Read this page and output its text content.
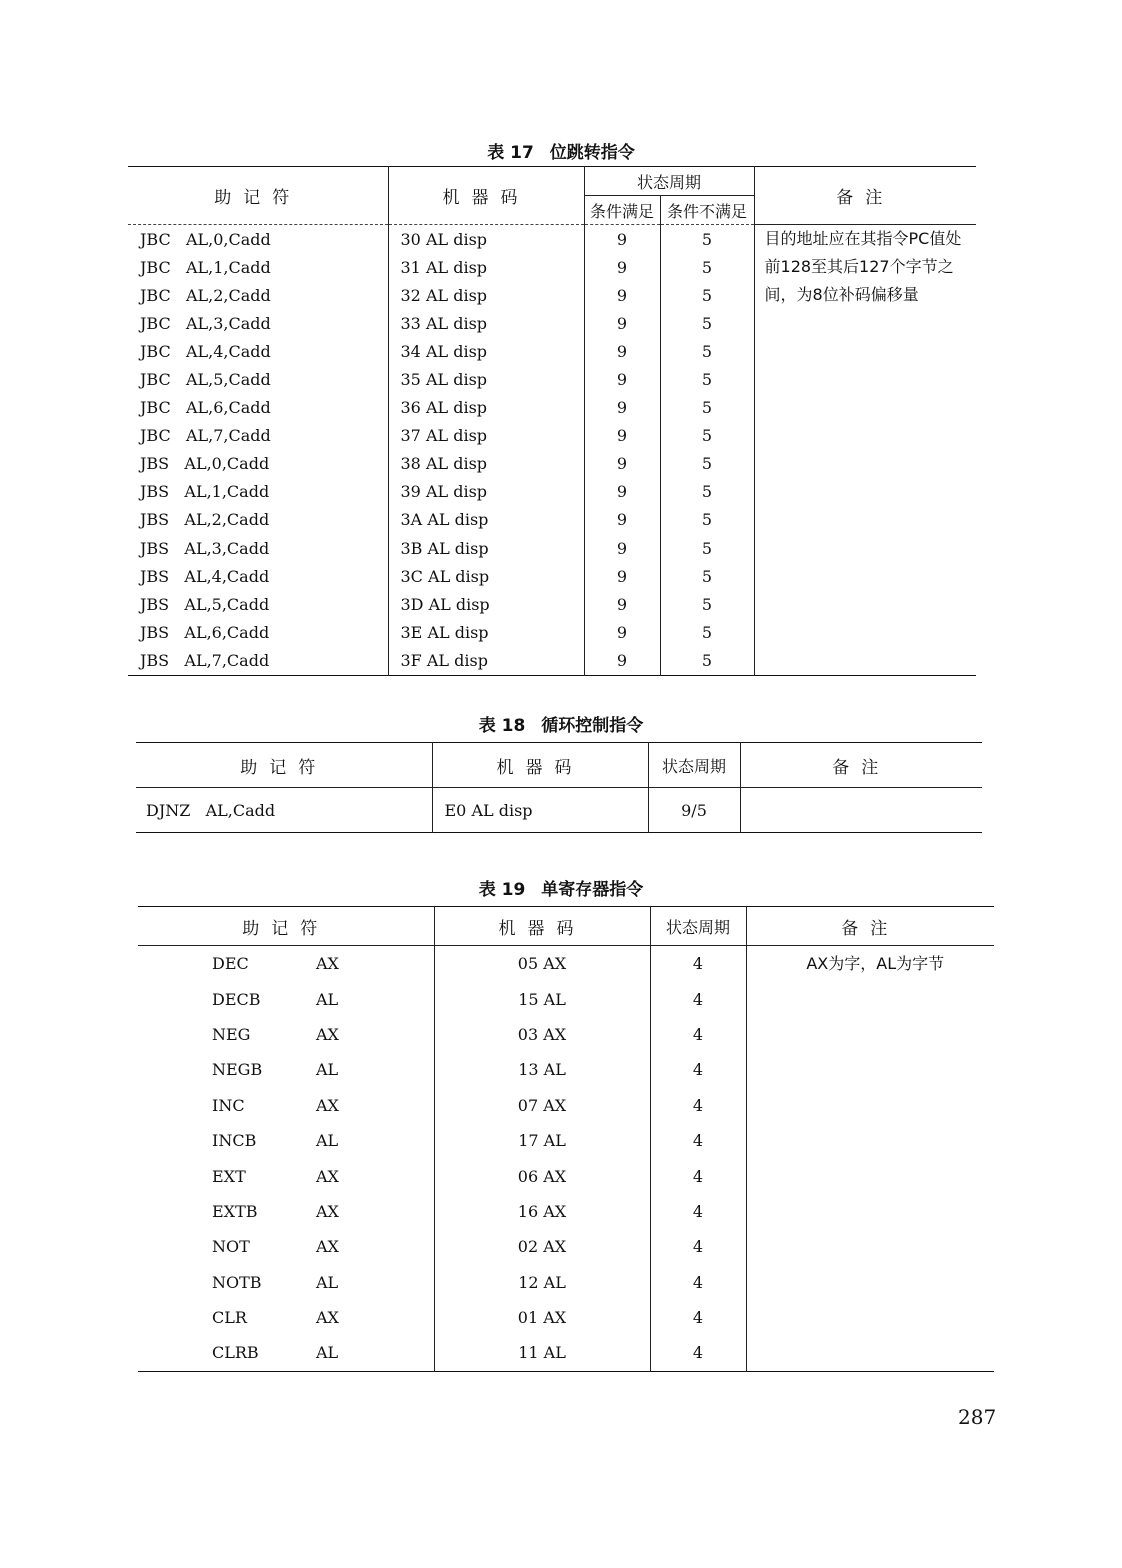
表 17 位跳转指令
助记符	机器码	状态周期		备注
		条件满足	条件不满足	
JBC   AL,0,Cadd	30 AL disp	9	5	目的地址应在其指令PC值处前128至其后127个字节之间，为8位补码偏移量
JBC   AL,1,Cadd	31 AL disp	9	5	
JBC   AL,2,Cadd	32 AL disp	9	5	
JBC   AL,3,Cadd	33 AL disp	9	5	
JBC   AL,4,Cadd	34 AL disp	9	5	
JBC   AL,5,Cadd	35 AL disp	9	5	
JBC   AL,6,Cadd	36 AL disp	9	5	
JBC   AL,7,Cadd	37 AL disp	9	5	
JBS   AL,0,Cadd	38 AL disp	9	5	
JBS   AL,1,Cadd	39 AL disp	9	5	
JBS   AL,2,Cadd	3A AL disp	9	5	
JBS   AL,3,Cadd	3B AL disp	9	5	
JBS   AL,4,Cadd	3C AL disp	9	5	
JBS   AL,5,Cadd	3D AL disp	9	5	
JBS   AL,6,Cadd	3E AL disp	9	5	
JBS   AL,7,Cadd	3F AL disp	9	5	
表 18 循环控制指令
助记符	机器码	状态周期	备注
DJNZ   AL,Cadd	E0 AL disp	9/5	
表 19 单寄存器指令
助记符	机器码	状态周期	备注
DEC AX	05 AX	4	AX为字，AL为字节
DECB AL	15 AL	4	
NEG AX	03 AX	4	
NEGB AL	13 AL	4	
INC AX	07 AX	4	
INCB AL	17 AL	4	
EXT AX	06 AX	4	
EXTB AX	16 AX	4	
NOT AX	02 AX	4	
NOTB AL	12 AL	4	
CLR AX	01 AX	4	
CLRB AL	11 AL	4	
287
